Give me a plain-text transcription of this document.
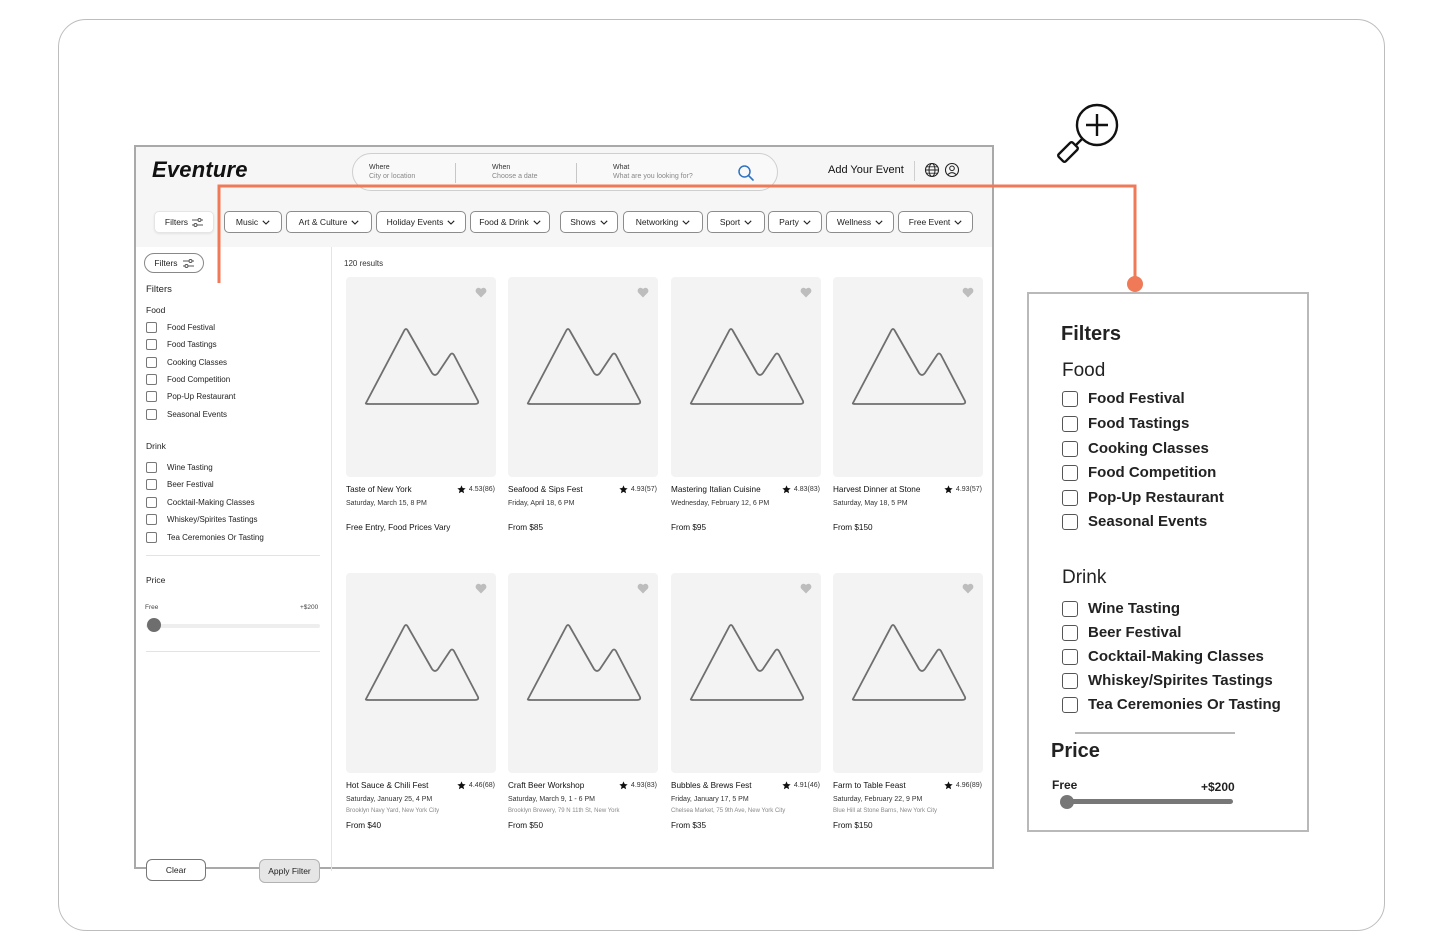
Eventure	Where
City or location
When
Choose a date
What
What are you looking for?
Add Your Event
Filters	Music	Art & Culture	Holiday Events	Food & Drink	Shows	Networking	Sport	Party	Wellness	Free Event
Filters
Filters
Food
Food Festival
Food Tastings
Cooking Classes
Food Competition
Pop-Up Restaurant
Seasonal Events
Drink
Wine Tasting
Beer Festival
Cocktail-Making Classes
Whiskey/Spirites Tastings
Tea Ceremonies Or Tasting
Price
Free	+$200
Clear	Apply Filter
120 results
Taste of New York	4.53(86)
Saturday, March 15, 8 PM
Free Entry, Food Prices Vary
Seafood & Sips Fest	4.93(57)
Friday, April 18, 6 PM
From $85
Mastering Italian Cuisine	4.83(83)
Wednesday, February 12, 6 PM
From $95
Harvest Dinner at Stone	4.93(57)
Saturday, May 18, 5 PM
From $150
Hot Sauce & Chili Fest	4.46(68)
Saturday, January 25, 4 PM
Brooklyn Navy Yard, New York City
From $40
Craft Beer Workshop	4.93(83)
Saturday, March 9, 1 - 6 PM
Brooklyn Brewery, 79 N 11th St, New York
From $50
Bubbles & Brews Fest	4.91(46)
Friday, January 17, 5 PM
Chelsea Market, 75 9th Ave, New York City
From $35
Farm to Table Feast	4.96(89)
Saturday, February 22, 9 PM
Blue Hill at Stone Barns, New York City
From $150
Filters
Food
Food Festival
Food Tastings
Cooking Classes
Food Competition
Pop-Up Restaurant
Seasonal Events
Drink
Wine Tasting
Beer Festival
Cocktail-Making Classes
Whiskey/Spirites Tastings
Tea Ceremonies Or Tasting
Price
Free	+$200
